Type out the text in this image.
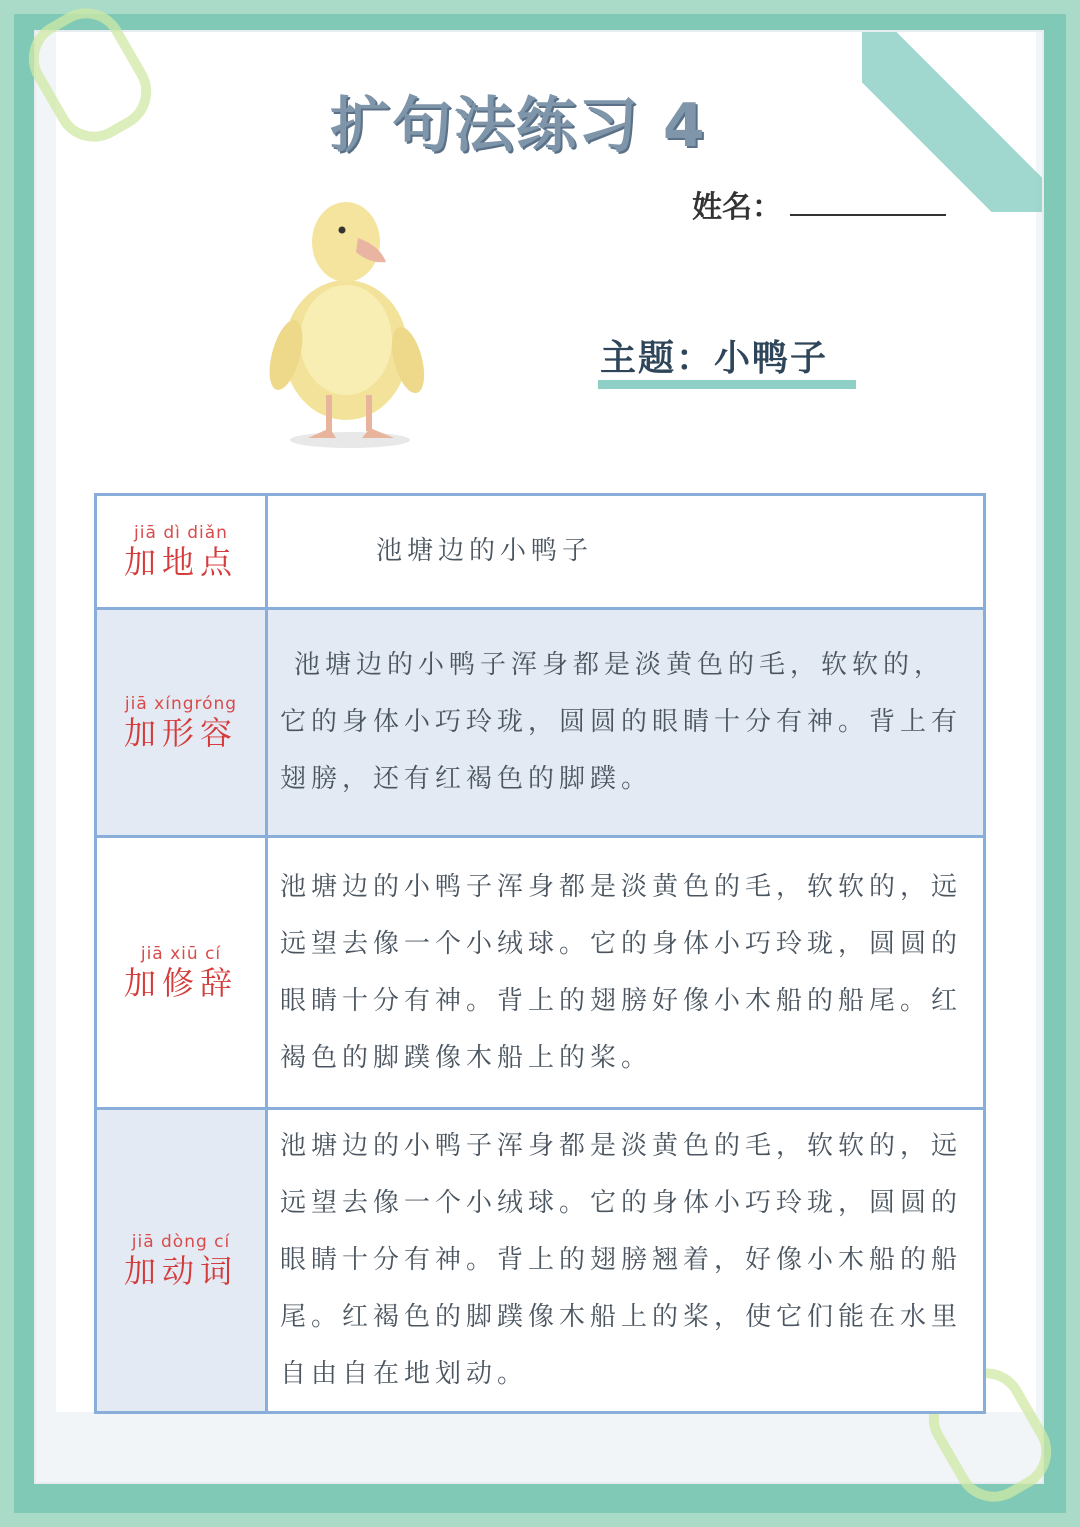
扩句法练习 4
姓名：
主题：小鸭子
jiā dì diǎn
加地点	池塘边的小鸭子

jiā xíngróng
加形容	池塘边的小鸭子浑身都是淡黄色的毛，软软的，它的身体小巧玲珑，圆圆的眼睛十分有神。背上有翅膀，还有红褐色的脚蹼。

jiā xiū cí
加修辞	池塘边的小鸭子浑身都是淡黄色的毛，软软的，远远望去像一个小绒球。它的身体小巧玲珑，圆圆的眼睛十分有神。背上的翅膀好像小木船的船尾。红褐色的脚蹼像木船上的桨。

jiā dòng cí
加动词	池塘边的小鸭子浑身都是淡黄色的毛，软软的，远远望去像一个小绒球。它的身体小巧玲珑，圆圆的眼睛十分有神。背上的翅膀翘着，好像小木船的船尾。红褐色的脚蹼像木船上的桨，使它们能在水里自由自在地划动。
